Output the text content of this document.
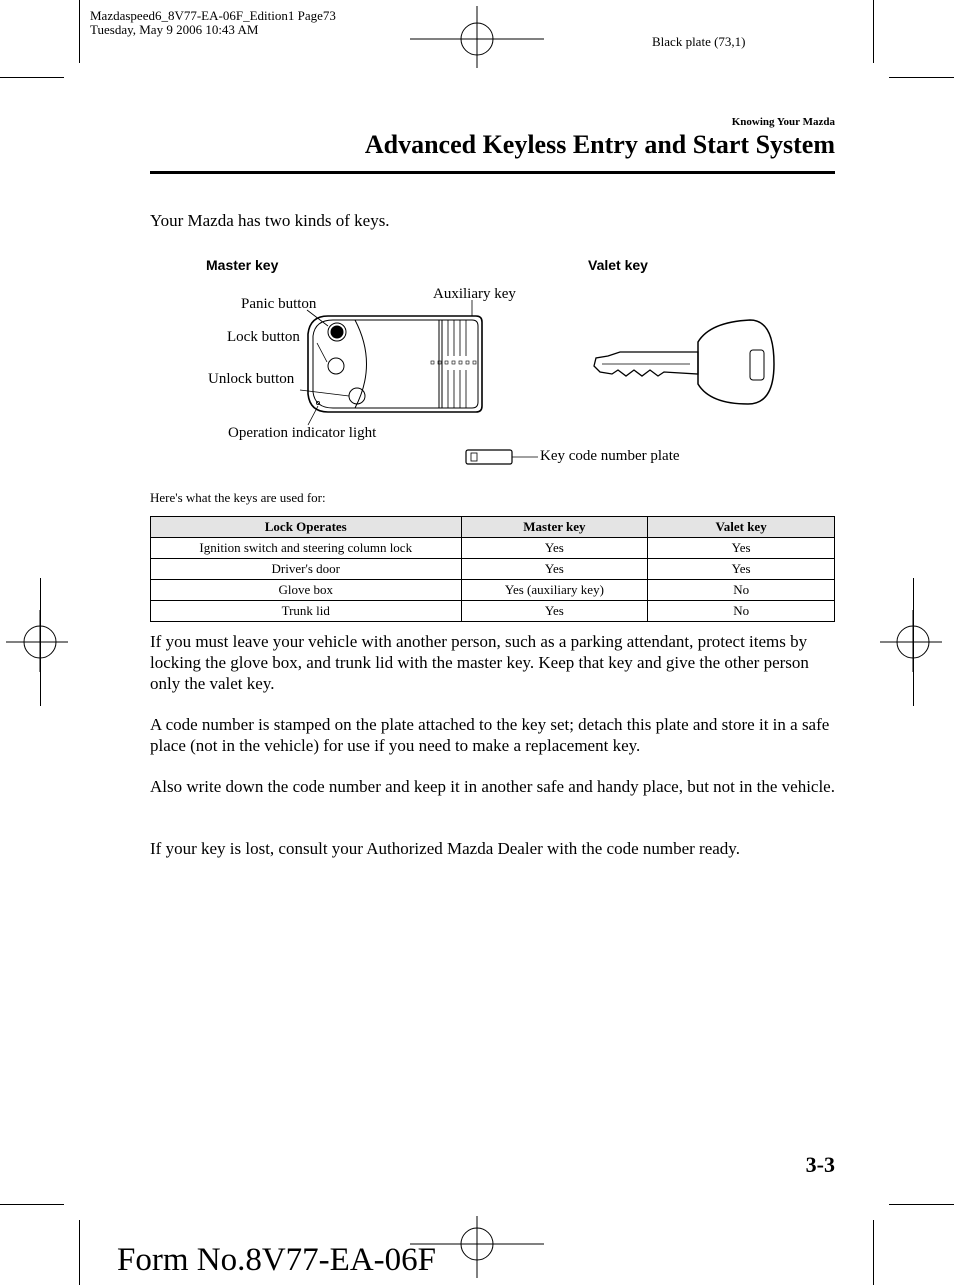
Mazdaspeed6_8V77-EA-06F_Edition1 Page73
Tuesday, May 9 2006 10:43 AM
Black plate (73,1)
Knowing Your Mazda
Advanced Keyless Entry and Start System
Your Mazda has two kinds of keys.
Master key	Valet key
Auxiliary key
Panic button
Lock button
Unlock button
Operation indicator light
Key code number plate
Here's what the keys are used for:
Lock Operates	Master key	Valet key
Ignition switch and steering column lock	Yes	Yes
Driver's door	Yes	Yes
Glove box	Yes (auxiliary key)	No
Trunk lid	Yes	No
If you must leave your vehicle with another person, such as a parking attendant, protect items by locking the glove box, and trunk lid with the master key. Keep that key and give the other person only the valet key.
A code number is stamped on the plate attached to the key set; detach this plate and store it in a safe place (not in the vehicle) for use if you need to make a replacement key.
Also write down the code number and keep it in another safe and handy place, but not in the vehicle.
If your key is lost, consult your Authorized Mazda Dealer with the code number ready.
3-3
Form No.8V77-EA-06F
